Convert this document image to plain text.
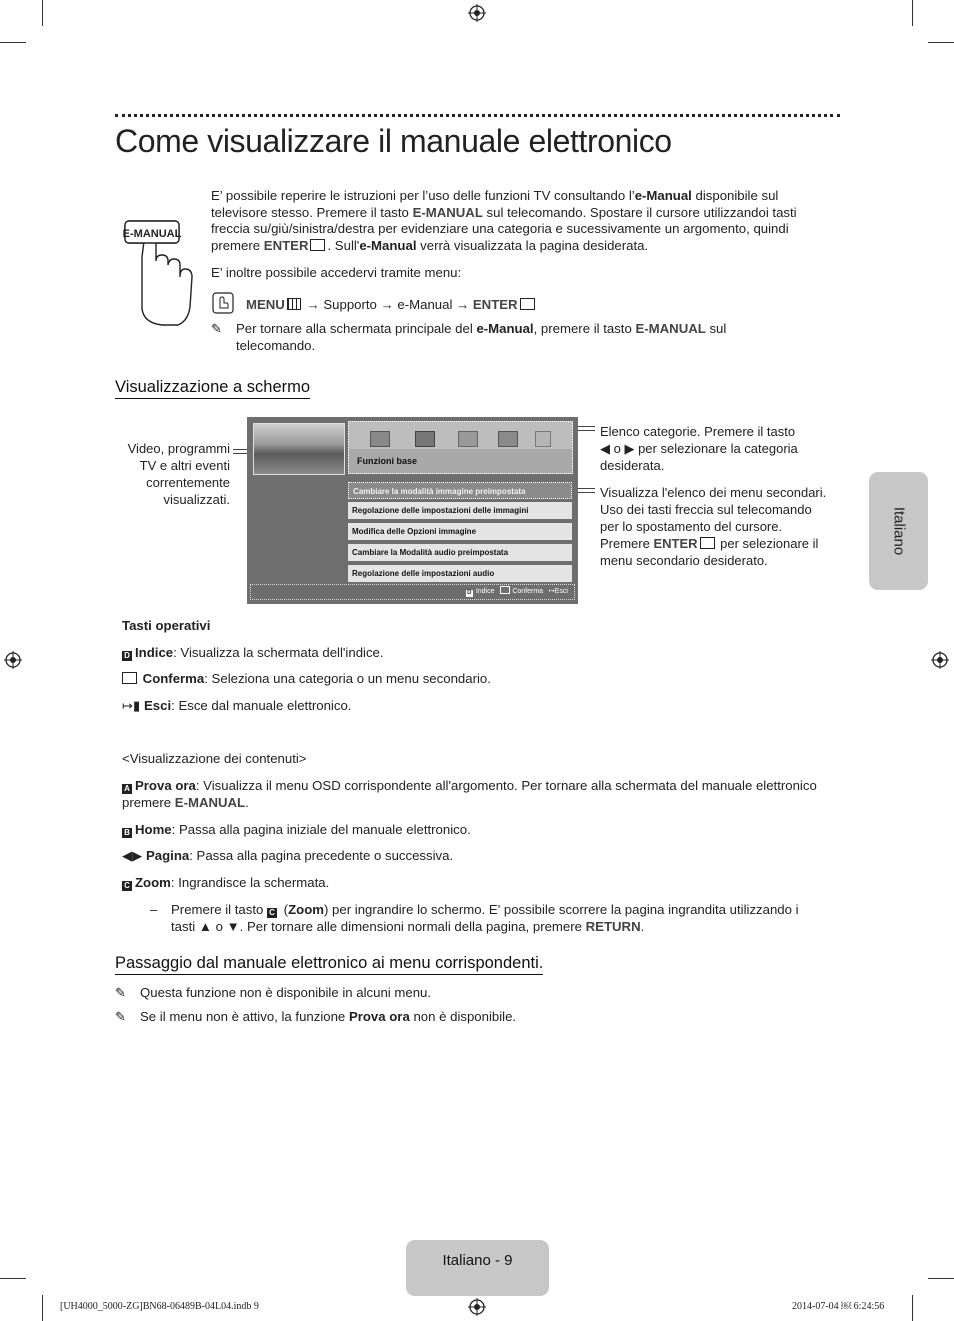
Come visualizzare il manuale elettronico
E-MANUAL
E’ possibile reperire le istruzioni per l’uso delle funzioni TV consultando l’e-Manual disponibile sul televisore stesso. Premere il tasto E-MANUAL sul telecomando. Spostare il cursore utilizzandoi tasti freccia su/giù/sinistra/destra per evidenziare una categoria e sucessivamente un argomento, quindi premere ENTER . Sull'e-Manual verrà visualizzata la pagina desiderata.
E’ inoltre possibile accedervi tramite menu:
MENU → Supporto → e-Manual → ENTER
✎ Per tornare alla schermata principale del e-Manual, premere il tasto E-MANUAL sul telecomando.
Visualizzazione a schermo
Video, programmi
TV e altri eventi
correntemente
visualizzati.
Funzioni base
Cambiare la modalità immagine preimpostata
Regolazione delle impostazioni delle immagini
Modifica delle Opzioni immagine
Cambiare la Modalità audio preimpostata
Regolazione delle impostazioni audio
D Indice	Conferma ↦Esci
Elenco categorie. Premere il tasto
◀ o ▶ per selezionare la categoria
desiderata.
Visualizza l'elenco dei menu secondari.
Uso dei tasti freccia sul telecomando
per lo spostamento del cursore.
Premere ENTER per selezionare il
menu secondario desiderato.
Tasti operativi
D Indice: Visualizza la schermata dell'indice.
Conferma: Seleziona una categoria o un menu secondario.
↦▮ Esci: Esce dal manuale elettronico.
<Visualizzazione dei contenuti>
A Prova ora: Visualizza il menu OSD corrispondente all'argomento. Per tornare alla schermata del manuale elettronico premere E-MANUAL.
B Home: Passa alla pagina iniziale del manuale elettronico.
◀▶ Pagina: Passa alla pagina precedente o successiva.
C Zoom: Ingrandisce la schermata.
– Premere il tasto C (Zoom) per ingrandire lo schermo. E' possibile scorrere la pagina ingrandita utilizzando i tasti ▲ o ▼. Per tornare alle dimensioni normali della pagina, premere RETURN.
Passaggio dal manuale elettronico ai menu corrispondenti.
✎ Questa funzione non è disponibile in alcuni menu.
✎ Se il menu non è attivo, la funzione Prova ora non è disponibile.
Italiano
Italiano - 9
[UH4000_5000-ZG]BN68-06489B-04L04.indb 9	2014-07-04 ￼ 6:24:56
